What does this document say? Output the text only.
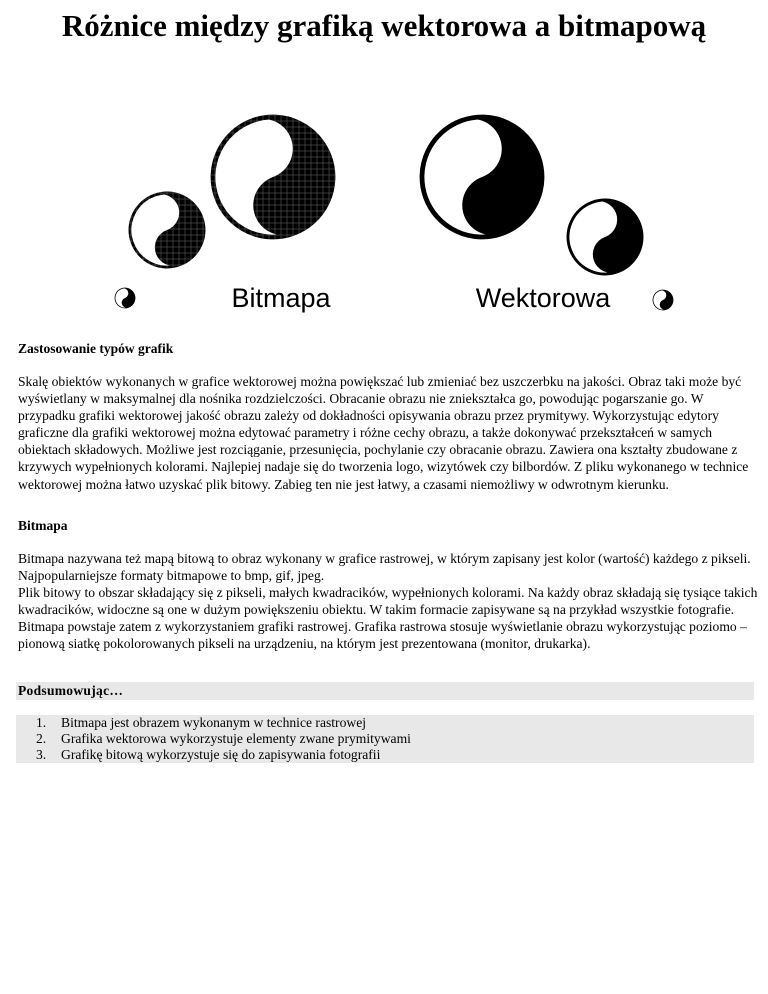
Różnice między grafiką wektorowa a bitmapową
Bitmapa	Wektorowa

Zastosowanie typów grafik

Skalę obiektów wykonanych w grafice wektorowej można powiększać lub zmieniać bez uszczerbku na jakości. Obraz taki może być wyświetlany w maksymalnej dla nośnika rozdzielczości. Obracanie obrazu nie zniekształca go, powodując pogarszanie go. W przypadku grafiki wektorowej jakość obrazu zależy od dokładności opisywania obrazu przez prymitywy. Wykorzystując edytory graficzne dla grafiki wektorowej można edytować parametry i różne cechy obrazu, a także dokonywać przekształceń w samych obiektach składowych. Możliwe jest rozciąganie, przesunięcia, pochylanie czy obracanie obrazu. Zawiera ona kształty zbudowane z krzywych wypełnionych kolorami. Najlepiej nadaje się do tworzenia logo, wizytówek czy bilbordów. Z pliku wykonanego w technice wektorowej można łatwo uzyskać plik bitowy. Zabieg ten nie jest łatwy, a czasami niemożliwy w odwrotnym kierunku.

Bitmapa

Bitmapa nazywana też mapą bitową to obraz wykonany w grafice rastrowej, w którym zapisany jest kolor (wartość) każdego z pikseli. Najpopularniejsze formaty bitmapowe to bmp, gif, jpeg.

Plik bitowy to obszar składający się z pikseli, małych kwadracików, wypełnionych kolorami. Na każdy obraz składają się tysiące takich kwadracików, widoczne są one w dużym powiększeniu obiektu. W takim formacie zapisywane są na przykład wszystkie fotografie. Bitmapa powstaje zatem z wykorzystaniem grafiki rastrowej. Grafika rastrowa stosuje wyświetlanie obrazu wykorzystując poziomo – pionową siatkę pokolorowanych pikseli na urządzeniu, na którym jest prezentowana (monitor, drukarka).

Podsumowując…
1.	Bitmapa jest obrazem wykonanym w technice rastrowej
2.	Grafika wektorowa wykorzystuje elementy zwane prymitywami
3.	Grafikę bitową wykorzystuje się do zapisywania fotografii
